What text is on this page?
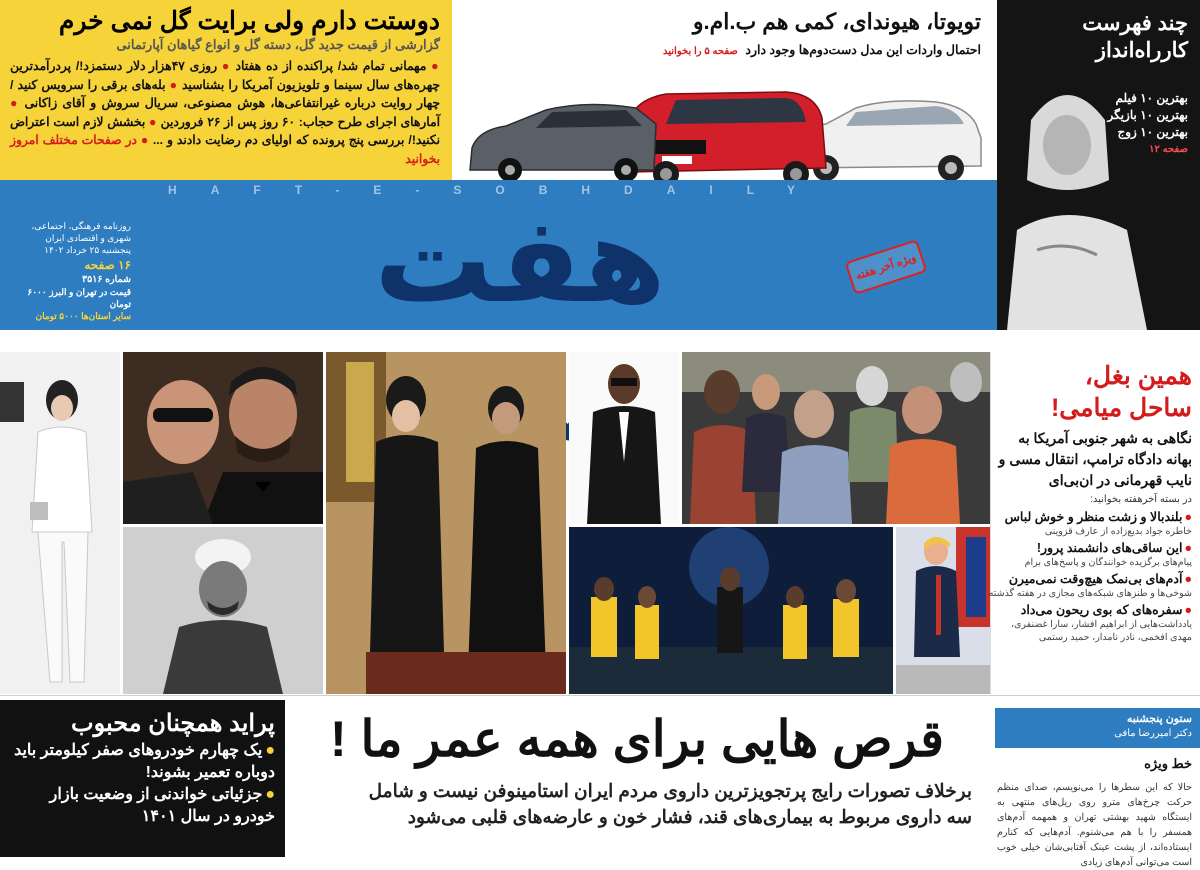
دوستت دارم ولی برایت گل نمی خرم
گزارشی از قیمت جدید گل، دسته گل و انواع گیاهان آپارتمانی
● مهمانی تمام شد/ پراکنده از ده هفتاد ● روزی ۴۷هزار دلار دستمزد!/ پردرآمدترین چهره‌های سال سینما و تلویزیون آمریکا را بشناسید ● بله‌های برقی را سرویس کنید / چهار روایت درباره غیرانتفاعی‌ها، هوش مصنوعی، سریال سروش و آقای زاکانی ● آمارهای اجرای طرح حجاب: ۶۰ روز پس از ۲۶ فروردین ● بخشش لازم است اعتراض نکنید!/ بررسی پنج پرونده که اولیای دم رضایت دادند و ... ● در صفحات مختلف امروز بخوانید
تویوتا، هیوندای، کمی هم ب.ام.و
احتمال واردات این مدل دست‌دوم‌ها وجود دارد صفحه ۵ را بخوانید
چند فهرست
کارراه‌انداز
بهترین ۱۰ فیلم
بهترین ۱۰ بازیگر
بهترین ۱۰ زوج
صفحه ۱۲
HAFT-E-SOBHDAILY
روزنامه فرهنگی، اجتماعی، شهری و اقتصادی ایران
پنجشنبه ۲۵ خرداد ۱۴۰۲
۱۶ صفحه
شماره ۳۵۱۶
قیمت در تهران و البرز ۶۰۰۰ تومان
سایر استان‌ها ۵۰۰۰ تومان	هفت	ویژه آخر هفته
همین بغل،
ساحل میامی!
نگاهی به شهر جنوبی آمریکا به بهانه دادگاه ترامپ، انتقال مسی و نایب قهرمانی در ان‌بی‌ای
در بسته آخرهفته بخوانید:
●بلندبالا و زشت منظر و خوش لباس
خاطره جواد بدیع‌زاده از عارف قزوینی
●این ساقی‌های دانشمند پرور!
پیام‌های برگزیده خوانندگان و پاسخ‌های برام
●آدم‌های بی‌نمک هیچ‌وقت نمی‌میرن
شوخی‌ها و طنزهای شبکه‌های مجازی در هفته گذشته
●سفره‌های که بوی ریحون می‌داد
یادداشت‌هایی از ابراهیم افشار، سارا غضنفری، مهدی افخمی، نادر نامدار، حمید رستمی
پراید همچنان محبوب
●یک چهارم خودروهای صفر کیلومتر باید دوباره تعمیر بشوند!
●جزئیاتی خواندنی از وضعیت بازار خودرو در سال ۱۴۰۱
قرص هایی برای همه عمر ما !
برخلاف تصورات رایج پرتجویزترین داروی مردم ایران استامینوفن نیست و شامل
سه داروی مربوط به بیماری‌های قند، فشار خون و عارضه‌های قلبی می‌شود
ستون پنجشنبه
دکتر امیررضا مافی
خط ویژه
حالا که این سطرها را می‌نویسم، صدای منظم حرکت چرخ‌های مترو روی ریل‌های منتهی به ایستگاه شهید بهشتی تهران و همهمه آدم‌های همسفر را با هم می‌شنوم. آدم‌هایی که کنارم ایستاده‌اند، از پشت عینک آفتابی‌شان خیلی خوب است می‌توانی آدم‌های زیادی
